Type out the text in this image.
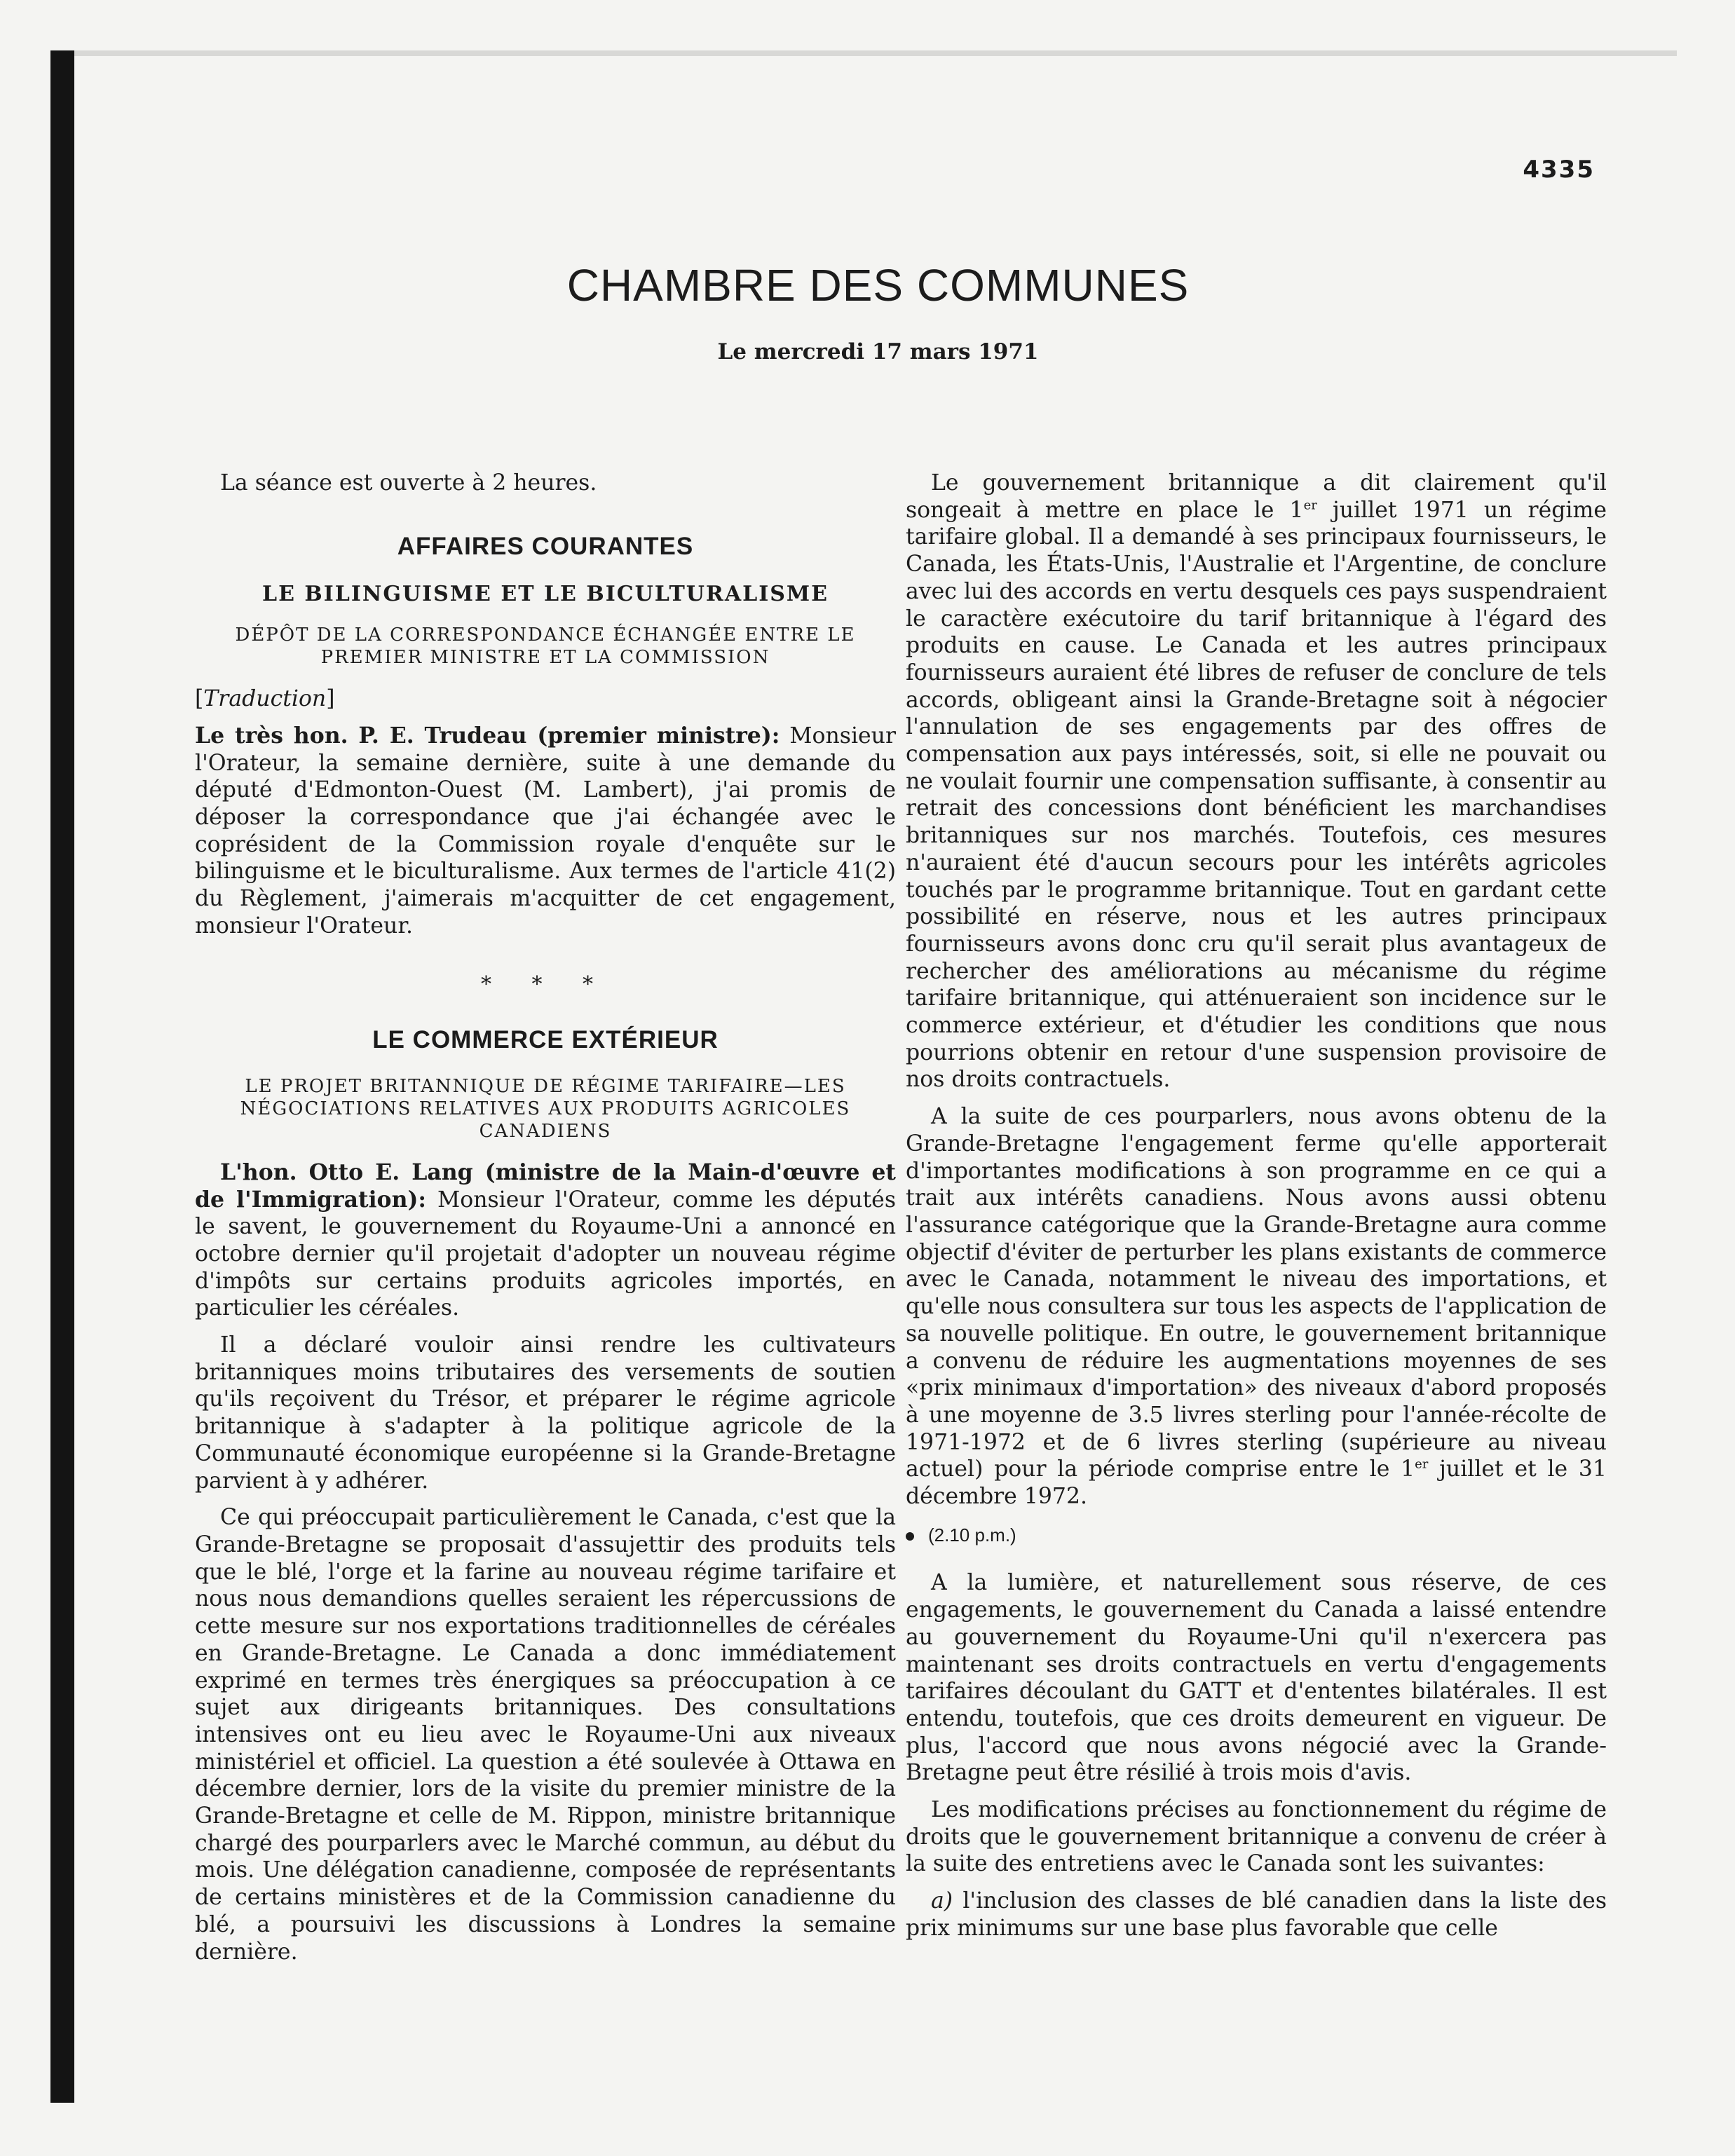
4335
CHAMBRE DES COMMUNES

Le mercredi 17 mars 1971

La séance est ouverte à 2 heures.

AFFAIRES COURANTES
LE BILINGUISME ET LE BICULTURALISME
DÉPÔT DE LA CORRESPONDANCE ÉCHANGÉE ENTRE LE PREMIER MINISTRE ET LA COMMISSION

[Traduction]

Le très hon. P. E. Trudeau (premier ministre): Monsieur l'Orateur, la semaine dernière, suite à une demande du député d'Edmonton-Ouest (M. Lambert), j'ai promis de déposer la correspondance que j'ai échangée avec le coprésident de la Commission royale d'enquête sur le bilinguisme et le biculturalisme. Aux termes de l'article 41(2) du Règlement, j'aimerais m'acquitter de cet engagement, monsieur l'Orateur.

* * *

LE COMMERCE EXTÉRIEUR
LE PROJET BRITANNIQUE DE RÉGIME TARIFAIRE—LES NÉGOCIATIONS RELATIVES AUX PRODUITS AGRICOLES CANADIENS

L'hon. Otto E. Lang (ministre de la Main-d'œuvre et de l'Immigration): Monsieur l'Orateur, comme les députés le savent, le gouvernement du Royaume-Uni a annoncé en octobre dernier qu'il projetait d'adopter un nouveau régime d'impôts sur certains produits agricoles importés, en particulier les céréales.

Il a déclaré vouloir ainsi rendre les cultivateurs britanniques moins tributaires des versements de soutien qu'ils reçoivent du Trésor, et préparer le régime agricole britannique à s'adapter à la politique agricole de la Communauté économique européenne si la Grande-Bretagne parvient à y adhérer.

Ce qui préoccupait particulièrement le Canada, c'est que la Grande-Bretagne se proposait d'assujettir des produits tels que le blé, l'orge et la farine au nouveau régime tarifaire et nous nous demandions quelles seraient les répercussions de cette mesure sur nos exportations traditionnelles de céréales en Grande-Bretagne. Le Canada a donc immédiatement exprimé en termes très énergiques sa préoccupation à ce sujet aux dirigeants britanniques. Des consultations intensives ont eu lieu avec le Royaume-Uni aux niveaux ministériel et officiel. La question a été soulevée à Ottawa en décembre dernier, lors de la visite du premier ministre de la Grande-Bretagne et celle de M. Rippon, ministre britannique chargé des pourparlers avec le Marché commun, au début du mois. Une délégation canadienne, composée de représentants de certains ministères et de la Commission canadienne du blé, a poursuivi les discussions à Londres la semaine dernière.

Le gouvernement britannique a dit clairement qu'il songeait à mettre en place le 1er juillet 1971 un régime tarifaire global. Il a demandé à ses principaux fournisseurs, le Canada, les États-Unis, l'Australie et l'Argentine, de conclure avec lui des accords en vertu desquels ces pays suspendraient le caractère exécutoire du tarif britannique à l'égard des produits en cause. Le Canada et les autres principaux fournisseurs auraient été libres de refuser de conclure de tels accords, obligeant ainsi la Grande-Bretagne soit à négocier l'annulation de ses engagements par des offres de compensation aux pays intéressés, soit, si elle ne pouvait ou ne voulait fournir une compensation suffisante, à consentir au retrait des concessions dont bénéficient les marchandises britanniques sur nos marchés. Toutefois, ces mesures n'auraient été d'aucun secours pour les intérêts agricoles touchés par le programme britannique. Tout en gardant cette possibilité en réserve, nous et les autres principaux fournisseurs avons donc cru qu'il serait plus avantageux de rechercher des améliorations au mécanisme du régime tarifaire britannique, qui atténueraient son incidence sur le commerce extérieur, et d'étudier les conditions que nous pourrions obtenir en retour d'une suspension provisoire de nos droits contractuels.

A la suite de ces pourparlers, nous avons obtenu de la Grande-Bretagne l'engagement ferme qu'elle apporterait d'importantes modifications à son programme en ce qui a trait aux intérêts canadiens. Nous avons aussi obtenu l'assurance catégorique que la Grande-Bretagne aura comme objectif d'éviter de perturber les plans existants de commerce avec le Canada, notamment le niveau des importations, et qu'elle nous consultera sur tous les aspects de l'application de sa nouvelle politique. En outre, le gouvernement britannique a convenu de réduire les augmentations moyennes de ses «prix minimaux d'importation» des niveaux d'abord proposés à une moyenne de 3.5 livres sterling pour l'année-récolte de 1971-1972 et de 6 livres sterling (supérieure au niveau actuel) pour la période comprise entre le 1er juillet et le 31 décembre 1972.

(2.10 p.m.)

A la lumière, et naturellement sous réserve, de ces engagements, le gouvernement du Canada a laissé entendre au gouvernement du Royaume-Uni qu'il n'exercera pas maintenant ses droits contractuels en vertu d'engagements tarifaires découlant du GATT et d'ententes bilatérales. Il est entendu, toutefois, que ces droits demeurent en vigueur. De plus, l'accord que nous avons négocié avec la Grande-Bretagne peut être résilié à trois mois d'avis.

Les modifications précises au fonctionnement du régime de droits que le gouvernement britannique a convenu de créer à la suite des entretiens avec le Canada sont les suivantes:

a) l'inclusion des classes de blé canadien dans la liste des prix minimums sur une base plus favorable que celle
